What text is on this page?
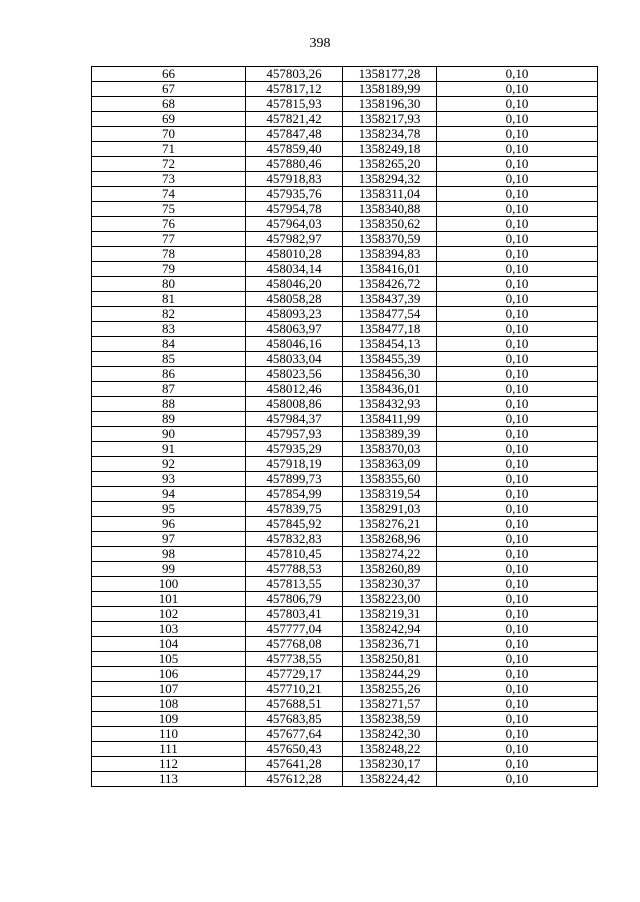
398
66	457803,26	1358177,28	0,10
67	457817,12	1358189,99	0,10
68	457815,93	1358196,30	0,10
69	457821,42	1358217,93	0,10
70	457847,48	1358234,78	0,10
71	457859,40	1358249,18	0,10
72	457880,46	1358265,20	0,10
73	457918,83	1358294,32	0,10
74	457935,76	1358311,04	0,10
75	457954,78	1358340,88	0,10
76	457964,03	1358350,62	0,10
77	457982,97	1358370,59	0,10
78	458010,28	1358394,83	0,10
79	458034,14	1358416,01	0,10
80	458046,20	1358426,72	0,10
81	458058,28	1358437,39	0,10
82	458093,23	1358477,54	0,10
83	458063,97	1358477,18	0,10
84	458046,16	1358454,13	0,10
85	458033,04	1358455,39	0,10
86	458023,56	1358456,30	0,10
87	458012,46	1358436,01	0,10
88	458008,86	1358432,93	0,10
89	457984,37	1358411,99	0,10
90	457957,93	1358389,39	0,10
91	457935,29	1358370,03	0,10
92	457918,19	1358363,09	0,10
93	457899,73	1358355,60	0,10
94	457854,99	1358319,54	0,10
95	457839,75	1358291,03	0,10
96	457845,92	1358276,21	0,10
97	457832,83	1358268,96	0,10
98	457810,45	1358274,22	0,10
99	457788,53	1358260,89	0,10
100	457813,55	1358230,37	0,10
101	457806,79	1358223,00	0,10
102	457803,41	1358219,31	0,10
103	457777,04	1358242,94	0,10
104	457768,08	1358236,71	0,10
105	457738,55	1358250,81	0,10
106	457729,17	1358244,29	0,10
107	457710,21	1358255,26	0,10
108	457688,51	1358271,57	0,10
109	457683,85	1358238,59	0,10
110	457677,64	1358242,30	0,10
111	457650,43	1358248,22	0,10
112	457641,28	1358230,17	0,10
113	457612,28	1358224,42	0,10
